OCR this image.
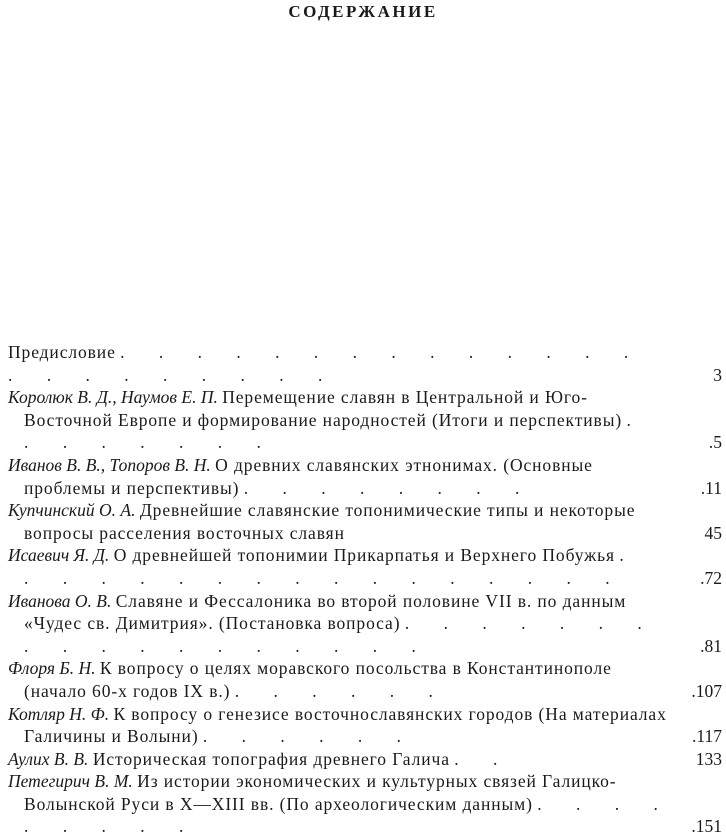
СОДЕРЖАНИЕ
Предисловие . . . . . . . . . . . . . . . . . . . . . . .	3
Королюк В. Д., Наумов Е. П. Перемещение славян в Центральной и Юго-Восточной Европе и формирование народностей (Итоги и перспективы) . . . . . . . .	.5
Иванов В. В., Топоров В. Н. О древних славянских этнонимах. (Основные проблемы и перспективы) . . . . . . . .	.11
Купчинский О. А. Древнейшие славянские топонимические типы и некоторые вопросы расселения восточных славян	45
Исаевич Я. Д. О древнейшей топонимии Прикарпатья и Верхнего Побужья . . . . . . . . . . . . . . . . .	.72
Иванова О. В. Славяне и Фессалоника во второй половине VII в. по данным «Чудес св. Димитрия». (Постановка вопроса) . . . . . . . . . . . . . . . . . .	.81
Флоря Б. Н. К вопросу о целях моравского посольства в Константинополе (начало 60-х годов IX в.) . . . . . .	.107
Котляр Н. Ф. К вопросу о генезисе восточнославянских городов (На материалах Галичины и Волыни) . . . . . .	.117
Аулих В. В. Историческая топография древнего Галича . .	133
Петегирич В. М. Из истории экономических и культурных связей Галицко-Волынской Руси в X—XIII вв. (По археологическим данным) . . . . . . . . .	.151
